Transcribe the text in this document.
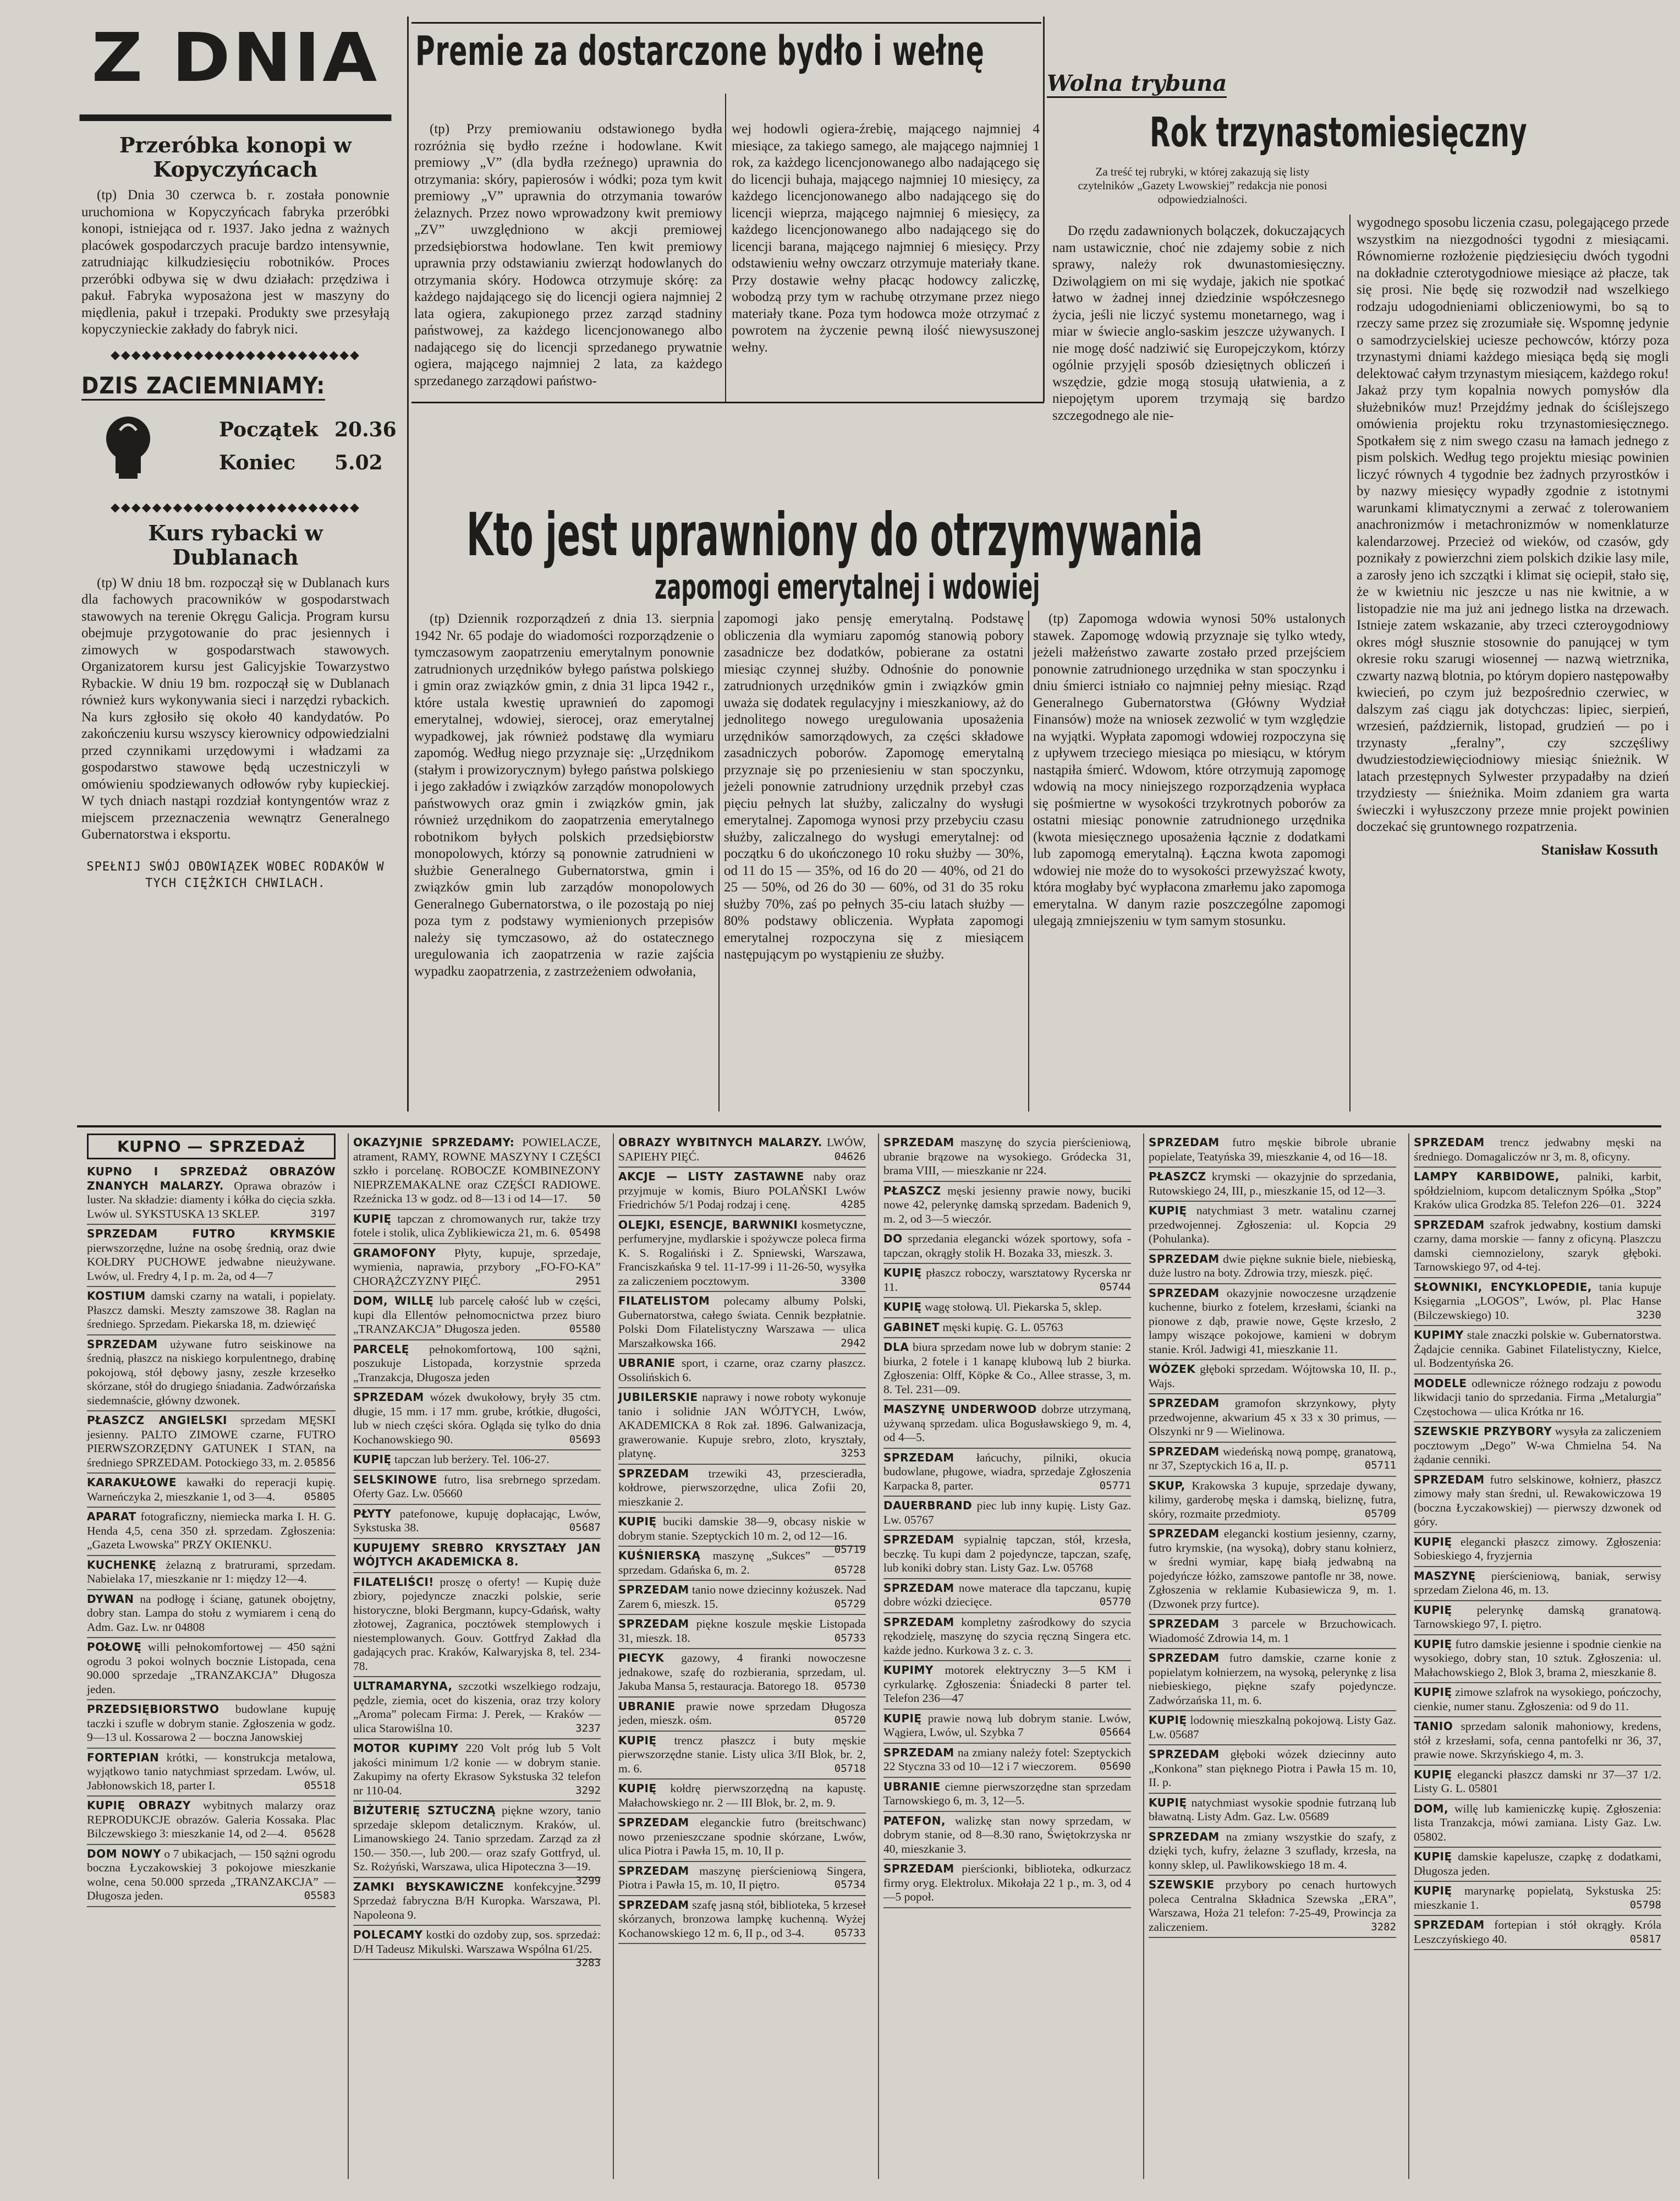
Z DNIA
Przeróbka konopi w Kopyczyńcach

(tp) Dnia 30 czerwca b. r. została ponownie uruchomiona w Kopyczyńcach fabryka przeróbki konopi, istniejąca od r. 1937. Jako jedna z ważnych placówek gospodarczych pracuje bardzo intensywnie, zatrudniając kilkudziesięciu robotników. Proces przeróbki odbywa się w dwu działach: przędziwa i pakuł. Fabryka wyposażona jest w maszyny do międlenia, pakuł i trzepaki. Produkty swe przesyłają kopyczynieckie zakłady do fabryk nici.

◆◆◆◆◆◆◆◆◆◆◆◆◆◆◆◆◆◆◆◆◆◆◆◆
DZIS ZACIEMNIAMY:
Początek 20.36
Koniec 5.02
◆◆◆◆◆◆◆◆◆◆◆◆◆◆◆◆◆◆◆◆◆◆◆◆
Kurs rybacki w Dublanach

(tp) W dniu 18 bm. rozpoczął się w Dublanach kurs dla fachowych pracowników w gospodarstwach stawowych na terenie Okręgu Galicja. Program kursu obejmuje przygotowanie do prac jesiennych i zimowych w gospodarstwach stawowych. Organizatorem kursu jest Galicyjskie Towarzystwo Rybackie. W dniu 19 bm. rozpoczął się w Dublanach również kurs wykonywania sieci i narzędzi rybackich. Na kurs zgłosiło się około 40 kandydatów. Po zakończeniu kursu wszyscy kierownicy odpowiedzialni przed czynnikami urzędowymi i władzami za gospodarstwo stawowe będą uczestniczyli w omówieniu spodziewanych odłowów ryby kupieckiej. W tych dniach nastąpi rozdział kontyngentów wraz z miejscem przeznaczenia wewnątrz Generalnego Gubernatorstwa i eksportu.

SPEŁNIJ SWÓJ OBOWIĄZEK WOBEC RODAKÓW W TYCH CIĘŻKICH CHWILACH.
Premie za dostarczone bydło i wełnę

(tp) Przy premiowaniu odstawionego bydła rozróżnia się bydło rzeźne i hodowlane. Kwit premiowy „V” (dla bydła rzeźnego) uprawnia do otrzymania: skóry, papierosów i wódki; poza tym kwit premiowy „V” uprawnia do otrzymania towarów żelaznych. Przez nowo wprowadzony kwit premiowy „ZV” uwzględniono w akcji premiowej przedsiębiorstwa hodowlane. Ten kwit premiowy uprawnia przy odstawianiu zwierząt hodowlanych do otrzymania skóry. Hodowca otrzymuje skórę: za każdego najdającego się do licencji ogiera najmniej 2 lata ogiera, zakupionego przez zarząd stadniny państwowej, za każdego licencjonowanego albo nadającego się do licencji sprzedanego prywatnie ogiera, mającego najmniej 2 lata, za każdego sprzedanego zarządowi państwo-

wej hodowli ogiera-źrebię, mającego najmniej 4 miesiące, za takiego samego, ale mającego najmniej 1 rok, za każdego licencjonowanego albo nadającego się do licencji buhaja, mającego najmniej 10 miesięcy, za każdego licencjonowanego albo nadającego się do licencji wieprza, mającego najmniej 6 miesięcy, za każdego licencjonowanego albo nadającego się do licencji barana, mającego najmniej 6 miesięcy. Przy odstawieniu wełny owczarz otrzymuje materiały tkane. Przy dostawie wełny płacąc hodowcy zaliczkę, wobodzą przy tym w rachubę otrzymane przez niego materiały tkane. Poza tym hodowca może otrzymać z powrotem na życzenie pewną ilość niewysuszonej wełny.

Wolna trybuna
Rok trzynastomiesięczny
Za treść tej rubryki, w której zakazują się listy czytelników „Gazety Lwowskiej” redakcja nie ponosi odpowiedzialności.

Do rzędu zadawnionych bolączek, dokuczających nam ustawicznie, choć nie zdajemy sobie z nich sprawy, należy rok dwunastomiesięczny. Dziwolągiem on mi się wydaje, jakich nie spotkać łatwo w żadnej innej dziedzinie współczesnego życia, jeśli nie liczyć systemu monetarnego, wag i miar w świecie anglo-saskim jeszcze używanych. I nie mogę dość nadziwić się Europejczykom, którzy ogólnie przyjęli sposób dziesiętnych obliczeń i wszędzie, gdzie mogą stosują ułatwienia, a z niepojętym uporem trzymają się bardzo szczegodnego ale nie-

wygodnego sposobu liczenia czasu, polegającego przede wszystkim na niezgodności tygodni z miesiącami. Równomierne rozłożenie piędziesięciu dwóch tygodni na dokładnie czterotygodniowe miesiące aż płacze, tak się prosi. Nie będę się rozwodził nad wszelkiego rodzaju udogodnieniami obliczeniowymi, bo są to rzeczy same przez się zrozumiałe się. Wspomnę jedynie o samodrzycielskiej uciesze pechowców, którzy poza trzynastymi dniami każdego miesiąca będą się mogli delektować całym trzynastym miesiącem, każdego roku! Jakaż przy tym kopalnia nowych pomysłów dla służebników muz! Przejdźmy jednak do ściślejszego omówienia projektu roku trzynastomiesięcznego. Spotkałem się z nim swego czasu na łamach jednego z pism polskich. Według tego projektu miesiąc powinien liczyć równych 4 tygodnie bez żadnych przyrostków i by nazwy miesięcy wypadły zgodnie z istotnymi warunkami klimatycznymi a zerwać z tolerowaniem anachronizmów i metachronizmów w nomenklaturze kalendarzowej. Przecież od wieków, od czasów, gdy poznikały z powierzchni ziem polskich dzikie lasy mile, a zarosły jeno ich szczątki i klimat się ociepił, stało się, że w kwietniu nic jeszcze u nas nie kwitnie, a w listopadzie nie ma już ani jednego listka na drzewach. Istnieje zatem wskazanie, aby trzeci czteroygodniowy okres mógł słusznie stosownie do panującej w tym okresie roku szarugi wiosennej — nazwą wietrznika, czwarty nazwą blotnia, po którym dopiero następowałby kwiecień, po czym już bezpośrednio czerwiec, w dalszym zaś ciągu jak dotychczas: lipiec, sierpień, wrzesień, październik, listopad, grudzień — po i trzynasty „feralny”, czy szczęśliwy dwudziestodziewięciodniowy miesiąc śnieżnik. W latach przestępnych Sylwester przypadałby na dzień trzydziesty — śnieżnika. Moim zdaniem gra warta świeczki i wyłuszczony przeze mnie projekt powinien doczekać się gruntownego rozpatrzenia.

Stanisław Kossuth
Kto jest uprawniony do otrzymywania
zapomogi emerytalnej i wdowiej

(tp) Dziennik rozporządzeń z dnia 13. sierpnia 1942 Nr. 65 podaje do wiadomości rozporządzenie o tymczasowym zaopatrzeniu emerytalnym ponownie zatrudnionych urzędników byłego państwa polskiego i gmin oraz związków gmin, z dnia 31 lipca 1942 r., które ustala kwestię uprawnień do zapomogi emerytalnej, wdowiej, sierocej, oraz emerytalnej wypadkowej, jak również podstawę dla wymiaru zapomóg. Według niego przyznaje się: „Urzędnikom (stałym i prowizorycznym) byłego państwa polskiego i jego zakładów i związków zarządów monopolowych państwowych oraz gmin i związków gmin, jak również urzędnikom do zaopatrzenia emerytalnego robotnikom byłych polskich przedsiębiorstw monopolowych, którzy są ponownie zatrudnieni w służbie Generalnego Gubernatorstwa, gmin i związków gmin lub zarządów monopolowych Generalnego Gubernatorstwa, o ile pozostają po niej poza tym z podstawy wymienionych przepisów należy się tymczasowo, aż do ostatecznego uregulowania ich zaopatrzenia w razie zajścia wypadku zaopatrzenia, z zastrzeżeniem odwołania,

zapomogi jako pensję emerytalną. Podstawę obliczenia dla wymiaru zapomóg stanowią pobory zasadnicze bez dodatków, pobierane za ostatni miesiąc czynnej służby. Odnośnie do ponownie zatrudnionych urzędników gmin i związków gmin uważa się dodatek regulacyjny i mieszkaniowy, aż do jednolitego nowego uregulowania uposażenia urzędników samorządowych, za części składowe zasadniczych poborów. Zapomogę emerytalną przyznaje się po przeniesieniu w stan spoczynku, jeżeli ponownie zatrudniony urzędnik przebył czas pięciu pełnych lat służby, zaliczalny do wysługi emerytalnej. Zapomoga wynosi przy przebyciu czasu służby, zaliczalnego do wysługi emerytalnej: od początku 6 do ukończonego 10 roku służby — 30%, od 11 do 15 — 35%, od 16 do 20 — 40%, od 21 do 25 — 50%, od 26 do 30 — 60%, od 31 do 35 roku służby 70%, zaś po pełnych 35-ciu latach służby — 80% podstawy obliczenia. Wypłata zapomogi emerytalnej rozpoczyna się z miesiącem następującym po wystąpieniu ze służby.

(tp) Zapomoga wdowia wynosi 50% ustalonych stawek. Zapomogę wdowią przyznaje się tylko wtedy, jeżeli małżeństwo zawarte zostało przed przejściem ponownie zatrudnionego urzędnika w stan spoczynku i dniu śmierci istniało co najmniej pełny miesiąc. Rząd Generalnego Gubernatorstwa (Główny Wydział Finansów) może na wniosek zezwolić w tym względzie na wyjątki. Wypłata zapomogi wdowiej rozpoczyna się z upływem trzeciego miesiąca po miesiącu, w którym nastąpiła śmierć. Wdowom, które otrzymują zapomogę wdowią na mocy niniejszego rozporządzenia wypłaca się pośmiertne w wysokości trzykrotnych poborów za ostatni miesiąc ponownie zatrudnionego urzędnika (kwota miesięcznego uposażenia łącznie z dodatkami lub zapomogą emerytalną). Łączna kwota zapomogi wdowiej nie może do to wysokości przewyższać kwoty, która mogłaby być wypłacona zmarłemu jako zapomoga emerytalna. W danym razie poszczególne zapomogi ulegają zmniejszeniu w tym samym stosunku.

KUPNO — SPRZEDAŻ
KUPNO I SPRZEDAŻ OBRAZÓW ZNANYCH MALARZY. Oprawa obrazów i luster. Na składzie: diamenty i kółka do cięcia szkła. Lwów ul. SYKSTUSKA 13 SKLEP.	3197
SPRZEDAM FUTRO KRYMSKIE pierwszorzędne, luźne na osobę średnią, oraz dwie KOŁDRY PUCHOWE jedwabne nieużywane. Lwów, ul. Fredry 4, I p. m. 2a, od 4—7
KOSTIUM damski czarny na watali, i popielaty. Płaszcz damski. Meszty zamszowe 38. Raglan na średniego. Sprzedam. Piekarska 18, m. dziewięć
SPRZEDAM używane futro seiskinowe na średnią, płaszcz na niskiego korpulentnego, drabinę pokojową, stół dębowy jasny, zeszłe krzesełko skórzane, stół do drugiego śniadania. Zadwórzańska siedemnaście, główny dzwonek.
PŁASZCZ ANGIELSKI sprzedam MĘSKI jesienny. PALTO ZIMOWE czarne, FUTRO PIERWSZORZĘDNY GATUNEK I STAN, na średniego SPRZEDAM. Potockiego 33, m. 2. 05856
KARAKUŁOWE kawałki do reperacji kupię. Warneńczyka 2, mieszkanie 1, od 3—4.	05805
APARAT fotograficzny, niemiecka marka I. H. G. Henda 4,5, cena 350 zł. sprzedam. Zgłoszenia: „Gazeta Lwowska” PRZY OKIENKU.
KUCHENKĘ żelazną z bratrurami, sprzedam. Nabielaka 17, mieszkanie nr 1: między 12—4.
DYWAN na podłogę i ścianę, gatunek obojętny, dobry stan. Lampa do stołu z wymiarem i ceną do Adm. Gaz. Lw. nr 04808
POŁOWĘ willi pełnokomfortowej — 450 sążni ogrodu 3 pokoi wolnych bocznie Listopada, cena 90.000 sprzedaje „TRANZAKCJA” Długosza jeden.
PRZEDSIĘBIORSTWO budowlane kupuję taczki i szufle w dobrym stanie. Zgłoszenia w godz. 9—13 ul. Kossarowa 2 — boczna Janowskiej
FORTEPIAN krótki, — konstrukcja metalowa, wyjątkowo tanio natychmiast sprzedam. Lwów, ul. Jabłonowskich 18, parter I.	05518
KUPIĘ OBRAZY wybitnych malarzy oraz REPRODUKCJE obrazów. Galeria Kossaka. Plac Bilczewskiego 3: mieszkanie 14, od 2—4. 05628
DOM NOWY o 7 ubikacjach, — 150 sążni ogrodu boczna Łyczakowskiej 3 pokojowe mieszkanie wolne, cena 50.000 sprzeda „TRANZAKCJA” — Długosza jeden.	05583
OKAZYJNIE SPRZEDAMY: POWIELACZE, atrament, RAMY, ROWNE MASZYNY I CZĘŚCI szkło i porcelanę. ROBOCZE KOMBINEZONY NIEPRZEMAKALNE oraz CZĘŚCI RADIOWE. Rzeźnicka 13 w godz. od 8—13 i od 14—17. 50
KUPIĘ tapczan z chromowanych rur, także trzy fotele i stolik, ulica Zyblikiewicza 21, m. 6. 05498
GRAMOFONY Płyty, kupuje, sprzedaje, wymienia, naprawia, przybory „FO-FO-KA” CHORĄŻCZYZNY PIĘĆ.	2951
DOM, WILLĘ lub parcelę całość lub w części, kupi dla Ellentów pełnomocnictwa przez biuro „TRANZAKCJA” Długosza jeden.	05580
PARCELĘ pełnokomfortową, 100 sążni, poszukuje Listopada, korzystnie sprzeda „Tranzakcja, Długosza jeden
SPRZEDAM wózek dwukołowy, bryły 35 ctm. długie, 15 mm. i 17 mm. grube, krótkie, długości, lub w niech części skóra. Ogląda się tylko do dnia Kochanowskiego 90.	05693
KUPIĘ tapczan lub berżery. Tel. 106-27.
SELSKINOWE futro, lisa srebrnego sprzedam. Oferty Gaz. Lw. 05660
PŁYTY patefonowe, kupuję dopłacając, Lwów, Sykstuska 38.	05687
KUPUJEMY SREBRO KRYSZTAŁY JAN WÓJTYCH AKADEMICKA 8.
FILATELIŚCI! proszę o oferty! — Kupię duże zbiory, pojedyncze znaczki polskie, serie historyczne, bloki Bergmann, kupcy-Gdańsk, wałty złotowej, Zagranica, pocztówek stemplowych i niestemplowanych. Gouv. Gottfryd Zakład dla gadających prac. Kraków, Kalwaryjska 8, tel. 234-78.
ULTRAMARYNA, szczotki wszelkiego rodzaju, pędzle, ziemia, ocet do kiszenia, oraz trzy kolory „Aroma” polecam Firma: J. Perek, — Kraków — ulica Starowiślna 10.	3237
MOTOR KUPIMY 220 Volt próg lub 5 Volt jakości minimum 1/2 konie — w dobrym stanie. Zakupimy na oferty Ekrasow Sykstuska 32 telefon nr 110-04.	3292
BIŻUTERIĘ SZTUCZNĄ piękne wzory, tanio sprzedaje sklepom detalicznym. Kraków, ul. Limanowskiego 24. Tanio sprzedam. Zarząd za zł 150.— 350.—, lub 200.— oraz szafy Gottfryd, ul. Sz. Rożyński, Warszawa, ulica Hipoteczna 3—19.
3299
ZAMKI BŁYSKAWICZNE konfekcyjne. Sprzedaż fabryczna B/H Kuropka. Warszawa, Pl. Napoleona 9.
POLECAMY kostki do ozdoby zup, sos. sprzedaż: D/H Tadeusz Mikulski. Warszawa Wspólna 61/25.
3283
OBRAZY WYBITNYCH MALARZY. LWÓW, SAPIEHY PIĘĆ.	04626
AKCJE — LISTY ZASTAWNE naby oraz przyjmuje w komis, Biuro POLAŃSKI Lwów Friedrichów 5/1 Podaj rodzaj i cenę.	4285
OLEJKI, ESENCJE, BARWNIKI kosmetyczne, perfumeryjne, mydlarskie i spożywcze poleca firma K. S. Rogaliński i Z. Spniewski, Warszawa, Franciszkańska 9 tel. 11-17-99 i 11-26-50, wysyłka za zaliczeniem pocztowym.	3300
FILATELISTOM polecamy albumy Polski, Gubernatorstwa, całego świata. Cennik bezpłatnie. Polski Dom Filatelistyczny Warszawa — ulica Marszałkowska 166.	2942
UBRANIE sport, i czarne, oraz czarny płaszcz. Ossolińskich 6.
JUBILERSKIE naprawy i nowe roboty wykonuje tanio i solidnie JAN WÓJTYCH, Lwów, AKADEMICKA 8 Rok zał. 1896. Galwanizacja, grawerowanie. Kupuje srebro, zloto, kryształy, platynę.	3253
SPRZEDAM trzewiki 43, przescieradła, kołdrowe, pierwszorzędne, ulica Zofii 20, mieszkanie 2.
KUPIĘ buciki damskie 38—9, obcasy niskie w dobrym stanie. Szeptyckich 10 m. 2, od 12—16.
05719
KUŚNIERSKĄ maszynę „Sukces” — sprzedam. Gdańska 6, m. 2.	05728
SPRZEDAM tanio nowe dziecinny kożuszek. Nad Zarem 6, mieszk. 15.	05729
SPRZEDAM piękne koszule męskie Listopada 31, mieszk. 18.	05733
PIECYK gazowy, 4 firanki nowoczesne jednakowe, szafę do rozbierania, sprzedam, ul. Jakuba Mansa 5, restauracja. Batorego 18. 05730
UBRANIE prawie nowe sprzedam Długosza jeden, mieszk. ośm.	05720
KUPIĘ trencz płaszcz i buty męskie pierwszorzędne stanie. Listy ulica 3/II Blok, br. 2, m. 6.	05718
KUPIĘ kołdrę pierwszorzędną na kapustę. Małachowskiego nr. 2 — III Blok, br. 2, m. 9.
SPRZEDAM eleganckie futro (breitschwanc) nowo przenieszczane spodnie skórzane, Lwów, ulica Piotra i Pawła 15, m. 10, II p.
SPRZEDAM maszynę pierścieniową Singera, Piotra i Pawła 15, m. 10, II piętro.	05734
SPRZEDAM szafę jasną stół, biblioteka, 5 krzeseł skórzanych, bronzowa lampkę kuchenną. Wyżej Kochanowskiego 12 m. 6, II p., od 3-4.	05733
SPRZEDAM maszynę do szycia pierścieniową, ubranie brązowe na wysokiego. Gródecka 31, brama VIII, — mieszkanie nr 224.
PŁASZCZ męski jesienny prawie nowy, buciki nowe 42, pelerynkę damską sprzedam. Badenich 9, m. 2, od 3—5 wieczór.
DO sprzedania elegancki wózek sportowy, sofa - tapczan, okrągły stolik H. Bozaka 33, mieszk. 3.
KUPIĘ płaszcz roboczy, warsztatowy Rycerska nr 11.	05744
KUPIĘ wagę stołową. Ul. Piekarska 5, sklep.
GABINET męski kupię. G. L. 05763
DLA biura sprzedam nowe lub w dobrym stanie: 2 biurka, 2 fotele i 1 kanapę klubową lub 2 biurka. Zgłoszenia: Olff, Köpke & Co., Allee strasse, 3, m. 8. Tel. 231—09.
MASZYNĘ UNDERWOOD dobrze utrzymaną, używaną sprzedam. ulica Bogusławskiego 9, m. 4, od 4—5.
SPRZEDAM łańcuchy, pilniki, okucia budowlane, pługowe, wiadra, sprzedaje Zgłoszenia Karpacka 8, parter.	05771
DAUERBRAND piec lub inny kupię. Listy Gaz. Lw. 05767
SPRZEDAM sypialnię tapczan, stół, krzesła, beczkę. Tu kupi dam 2 pojedyncze, tapczan, szafę, lub koniki dobry stan. Listy Gaz. Lw. 05768
SPRZEDAM nowe materace dla tapczanu, kupię dobre wózki dziecięce.	05770
SPRZEDAM kompletny zaśrodkowy do szycia rękodzielę, maszynę do szycia ręczną Singera etc. każde jedno. Kurkowa 3 z. c. 3.
KUPIMY motorek elektryczny 3—5 KM i cyrkularkę. Zgłoszenia: Śniadecki 8 parter tel. Telefon 236—47
KUPIĘ prawie nową lub dobrym stanie. Lwów, Wągiera, Lwów, ul. Szybka 7	05664
SPRZEDAM na zmiany należy fotel: Szeptyckich 22 Styczna 33 od 10—12 i 7 wieczorem. 05690
UBRANIE ciemne pierwszorzędne stan sprzedam Tarnowskiego 6, m. 3, 12—5.
PATEFON, walizkę stan nowy sprzedam, w dobrym stanie, od 8—8.30 rano, Świętokrzyska nr 40, mieszkanie 3.
SPRZEDAM pierścionki, biblioteka, odkurzacz firmy oryg. Elektrolux. Mikołaja 22 1 p., m. 3, od 4—5 popoł.
SPRZEDAM futro męskie bibrole ubranie popielate, Teatyńska 39, mieszkanie 4, od 16—18.
PŁASZCZ krymski — okazyjnie do sprzedania, Rutowskiego 24, III, p., mieszkanie 15, od 12—3.
KUPIĘ natychmiast 3 metr. watalinu czarnej przedwojennej. Zgłoszenia: ul. Kopcia 29 (Pohulanka).
SPRZEDAM dwie piękne suknie biele, niebieską, duże lustro na boty. Zdrowia trzy, mieszk. pięć.
SPRZEDAM okazyjnie nowoczesne urządzenie kuchenne, biurko z fotelem, krzesłami, ścianki na pionowe z dąb, prawie nowe, Gęste krzesło, 2 lampy wiszące pokojowe, kamieni w dobrym stanie. Król. Jadwigi 41, mieszkanie 11.
WÓZEK głęboki sprzedam. Wójtowska 10, II. p., Wajs.
SPRZEDAM gramofon skrzynkowy, płyty przedwojenne, akwarium 45 x 33 x 30 primus, — Olszynki nr 9 — Wielinowa.
SPRZEDAM wiedeńską nową pompę, granatową, nr 37, Szeptyckich 16 a, II. p.	05711
SKUP, Krakowska 3 kupuje, sprzedaje dywany, kilimy, garderobę męska i damską, bieliznę, futra, skóry, rozmaite przedmioty.	05709
SPRZEDAM elegancki kostium jesienny, czarny, futro krymskie, (na wysoką), dobry stanu kołnierz, w średni wymiar, kapę białą jedwabną na pojedyńcze łóżko, zamszowe pantofle nr 38, nowe. Zgłoszenia w reklamie Kubasiewicza 9, m. 1. (Dzwonek przy furtce).
SPRZEDAM 3 parcele w Brzuchowicach. Wiadomość Zdrowia 14, m. 1
SPRZEDAM futro damskie, czarne konie z popielatym kołnierzem, na wysoką, pelerynkę z lisa niebieskiego, piękne szafy pojedyncze. Zadwórzańska 11, m. 6.
KUPIĘ lodownię mieszkalną pokojową. Listy Gaz. Lw. 05687
SPRZEDAM głęboki wózek dziecinny auto „Konkona” stan pięknego Piotra i Pawła 15 m. 10, II. p.
KUPIĘ natychmiast wysokie spodnie futrzaną lub bławatną. Listy Adm. Gaz. Lw. 05689
SPRZEDAM na zmiany wszystkie do szafy, z dzięki tych, kufry, żelazne 3 szuflady, krzesła, na konny sklep, ul. Pawlikowskiego 18 m. 4.
SZEWSKIE przybory po cenach hurtowych poleca Centralna Składnica Szewska „ERA”, Warszawa, Hoża 21 telefon: 7-25-49, Prowincja za zaliczeniem.	3282
SPRZEDAM trencz jedwabny męski na średniego. Domagaliczów nr 3, m. 8, oficyny.
LAMPY KARBIDOWE, palniki, karbit, spółdzielniom, kupcom detalicznym Spółka „Stop” Kraków ulica Grodzka 85. Telefon 226—01. 3224
SPRZEDAM szafrok jedwabny, kostium damski czarny, dama morskie — fanny z oficyną. Plaszczu damski ciemnozielony, szaryk głęboki. Tarnowskiego 97, od 4-tej.
SŁOWNIKI, ENCYKLOPEDIE, tania kupuje Księgarnia „LOGOS”, Lwów, pl. Plac Hanse (Bilczewskiego) 10.	3230
KUPIMY stale znaczki polskie w. Gubernatorstwa. Żądajcie cennika. Gabinet Filatelistyczny, Kielce, ul. Bodzentyńska 26.
MODELE odlewnicze różnego rodzaju z powodu likwidacji tanio do sprzedania. Firma „Metalurgia” Częstochowa — ulica Krótka nr 16.
SZEWSKIE PRZYBORY wysyła za zaliczeniem pocztowym „Dego” W-wa Chmielna 54. Na żądanie cenniki.
SPRZEDAM futro selskinowe, kołnierz, płaszcz zimowy mały stan średni, ul. Rewakowiczowa 19 (boczna Łyczakowskiej) — pierwszy dzwonek od góry.
KUPIĘ elegancki płaszcz zimowy. Zgłoszenia: Sobieskiego 4, fryzjernia
MASZYNĘ pierścieniową, baniak, serwisy sprzedam Zielona 46, m. 13.
KUPIĘ pelerynkę damską granatową. Tarnowskiego 97, I. piętro.
KUPIĘ futro damskie jesienne i spodnie cienkie na wysokiego, dobry stan, 10 sztuk. Zgłoszenia: ul. Małachowskiego 2, Blok 3, brama 2, mieszkanie 8.
KUPIĘ zimowe szlafrok na wysokiego, pończochy, cienkie, numer stanu. Zgłoszenia: od 9 do 11.
TANIO sprzedam salonik mahoniowy, kredens, stół z krzesłami, sofa, cenna pantofelki nr 36, 37, prawie nowe. Skrzyńskiego 4, m. 3.
KUPIĘ elegancki płaszcz damski nr 37—37 1/2. Listy G. L. 05801
DOM, willę lub kamieniczkę kupię. Zgłoszenia: lista Tranzakcja, mówi zamiana. Listy Gaz. Lw. 05802.
KUPIĘ damskie kapelusze, czapkę z dodatkami, Długosza jeden.
KUPIĘ marynarkę popielatą, Sykstuska 25: mieszkanie 1.	05798
SPRZEDAM fortepian i stół okrągły. Króla Leszczyńskiego 40.	05817
